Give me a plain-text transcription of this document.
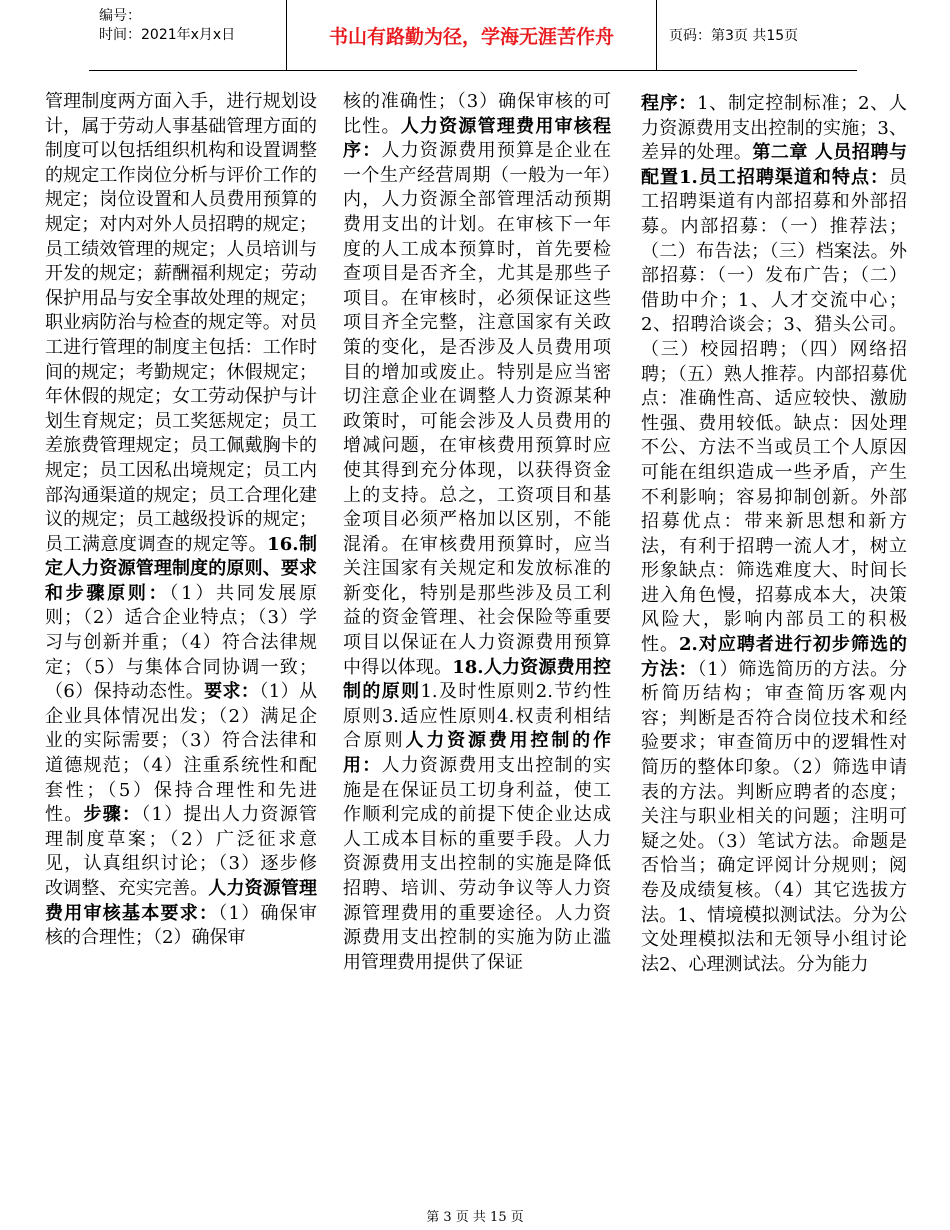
编号：
时间：2021年x月x日	书山有路勤为径，学海无涯苦作舟	页码：第3页 共15页
管理制度两方面入手，进行规划设计，属于劳动人事基础管理方面的制度可以包括组织机构和设置调整的规定工作岗位分析与评价工作的规定；岗位设置和人员费用预算的规定；对内对外人员招聘的规定；员工绩效管理的规定；人员培训与开发的规定；薪酬福利规定；劳动保护用品与安全事故处理的规定；职业病防治与检查的规定等。对员工进行管理的制度主包括：工作时间的规定；考勤规定；休假规定；年休假的规定；女工劳动保护与计划生育规定；员工奖惩规定；员工差旅费管理规定；员工佩戴胸卡的规定；员工因私出境规定；员工内部沟通渠道的规定；员工合理化建议的规定；员工越级投诉的规定；员工满意度调查的规定等。16.制定人力资源管理制度的原则、要求和步骤原则：（1）共同发展原则；（2）适合企业特点；（3）学习与创新并重；（4）符合法律规定；（5）与集体合同协调一致；（6）保持动态性。要求：（1）从企业具体情况出发；（2）满足企业的实际需要；（3）符合法律和道德规范；（4）注重系统性和配套性；（5）保持合理性和先进性。步骤：（1）提出人力资源管理制度草案；（2）广泛征求意见，认真组织讨论；（3）逐步修改调整、充实完善。人力资源管理费用审核基本要求：（1）确保审核的合理性；（2）确保审
核的准确性；（3）确保审核的可比性。人力资源管理费用审核程序：人力资源费用预算是企业在一个生产经营周期（一般为一年）内，人力资源全部管理活动预期费用支出的计划。在审核下一年度的人工成本预算时，首先要检查项目是否齐全，尤其是那些子项目。在审核时，必须保证这些项目齐全完整，注意国家有关政策的变化，是否涉及人员费用项目的增加或废止。特别是应当密切注意企业在调整人力资源某种政策时，可能会涉及人员费用的增减问题，在审核费用预算时应使其得到充分体现，以获得资金上的支持。总之，工资项目和基金项目必须严格加以区别，不能混淆。在审核费用预算时，应当关注国家有关规定和发放标准的新变化，特别是那些涉及员工利益的资金管理、社会保险等重要项目以保证在人力资源费用预算中得以体现。18.人力资源费用控制的原则1.及时性原则2.节约性原则3.适应性原则4.权责利相结合原则人力资源费用控制的作用：人力资源费用支出控制的实施是在保证员工切身利益，使工作顺利完成的前提下使企业达成人工成本目标的重要手段。人力资源费用支出控制的实施是降低招聘、培训、劳动争议等人力资源管理费用的重要途径。人力资源费用支出控制的实施为防止滥用管理费用提供了保证
程序：1、制定控制标准；2、人力资源费用支出控制的实施；3、差异的处理。第二章 人员招聘与配置1.员工招聘渠道和特点：员工招聘渠道有内部招募和外部招募。内部招募：（一）推荐法；（二）布告法；（三）档案法。外部招募：（一）发布广告；（二）借助中介；1、人才交流中心；2、招聘洽谈会；3、猎头公司。（三）校园招聘；（四）网络招聘；（五）熟人推荐。内部招募优点：准确性高、适应较快、激励性强、费用较低。缺点：因处理不公、方法不当或员工个人原因可能在组织造成一些矛盾，产生不利影响；容易抑制创新。外部招募优点：带来新思想和新方法，有利于招聘一流人才，树立形象缺点：筛选难度大、时间长进入角色慢，招募成本大，决策风险大，影响内部员工的积极性。2.对应聘者进行初步筛选的方法：（1）筛选简历的方法。分析简历结构；审查简历客观内容；判断是否符合岗位技术和经验要求；审查简历中的逻辑性对简历的整体印象。（2）筛选申请表的方法。判断应聘者的态度；关注与职业相关的问题；注明可疑之处。（3）笔试方法。命题是否恰当；确定评阅计分规则；阅卷及成绩复核。（4）其它选拔方法。1、情境模拟测试法。分为公文处理模拟法和无领导小组讨论法2、心理测试法。分为能力
第 3 页 共 15 页
